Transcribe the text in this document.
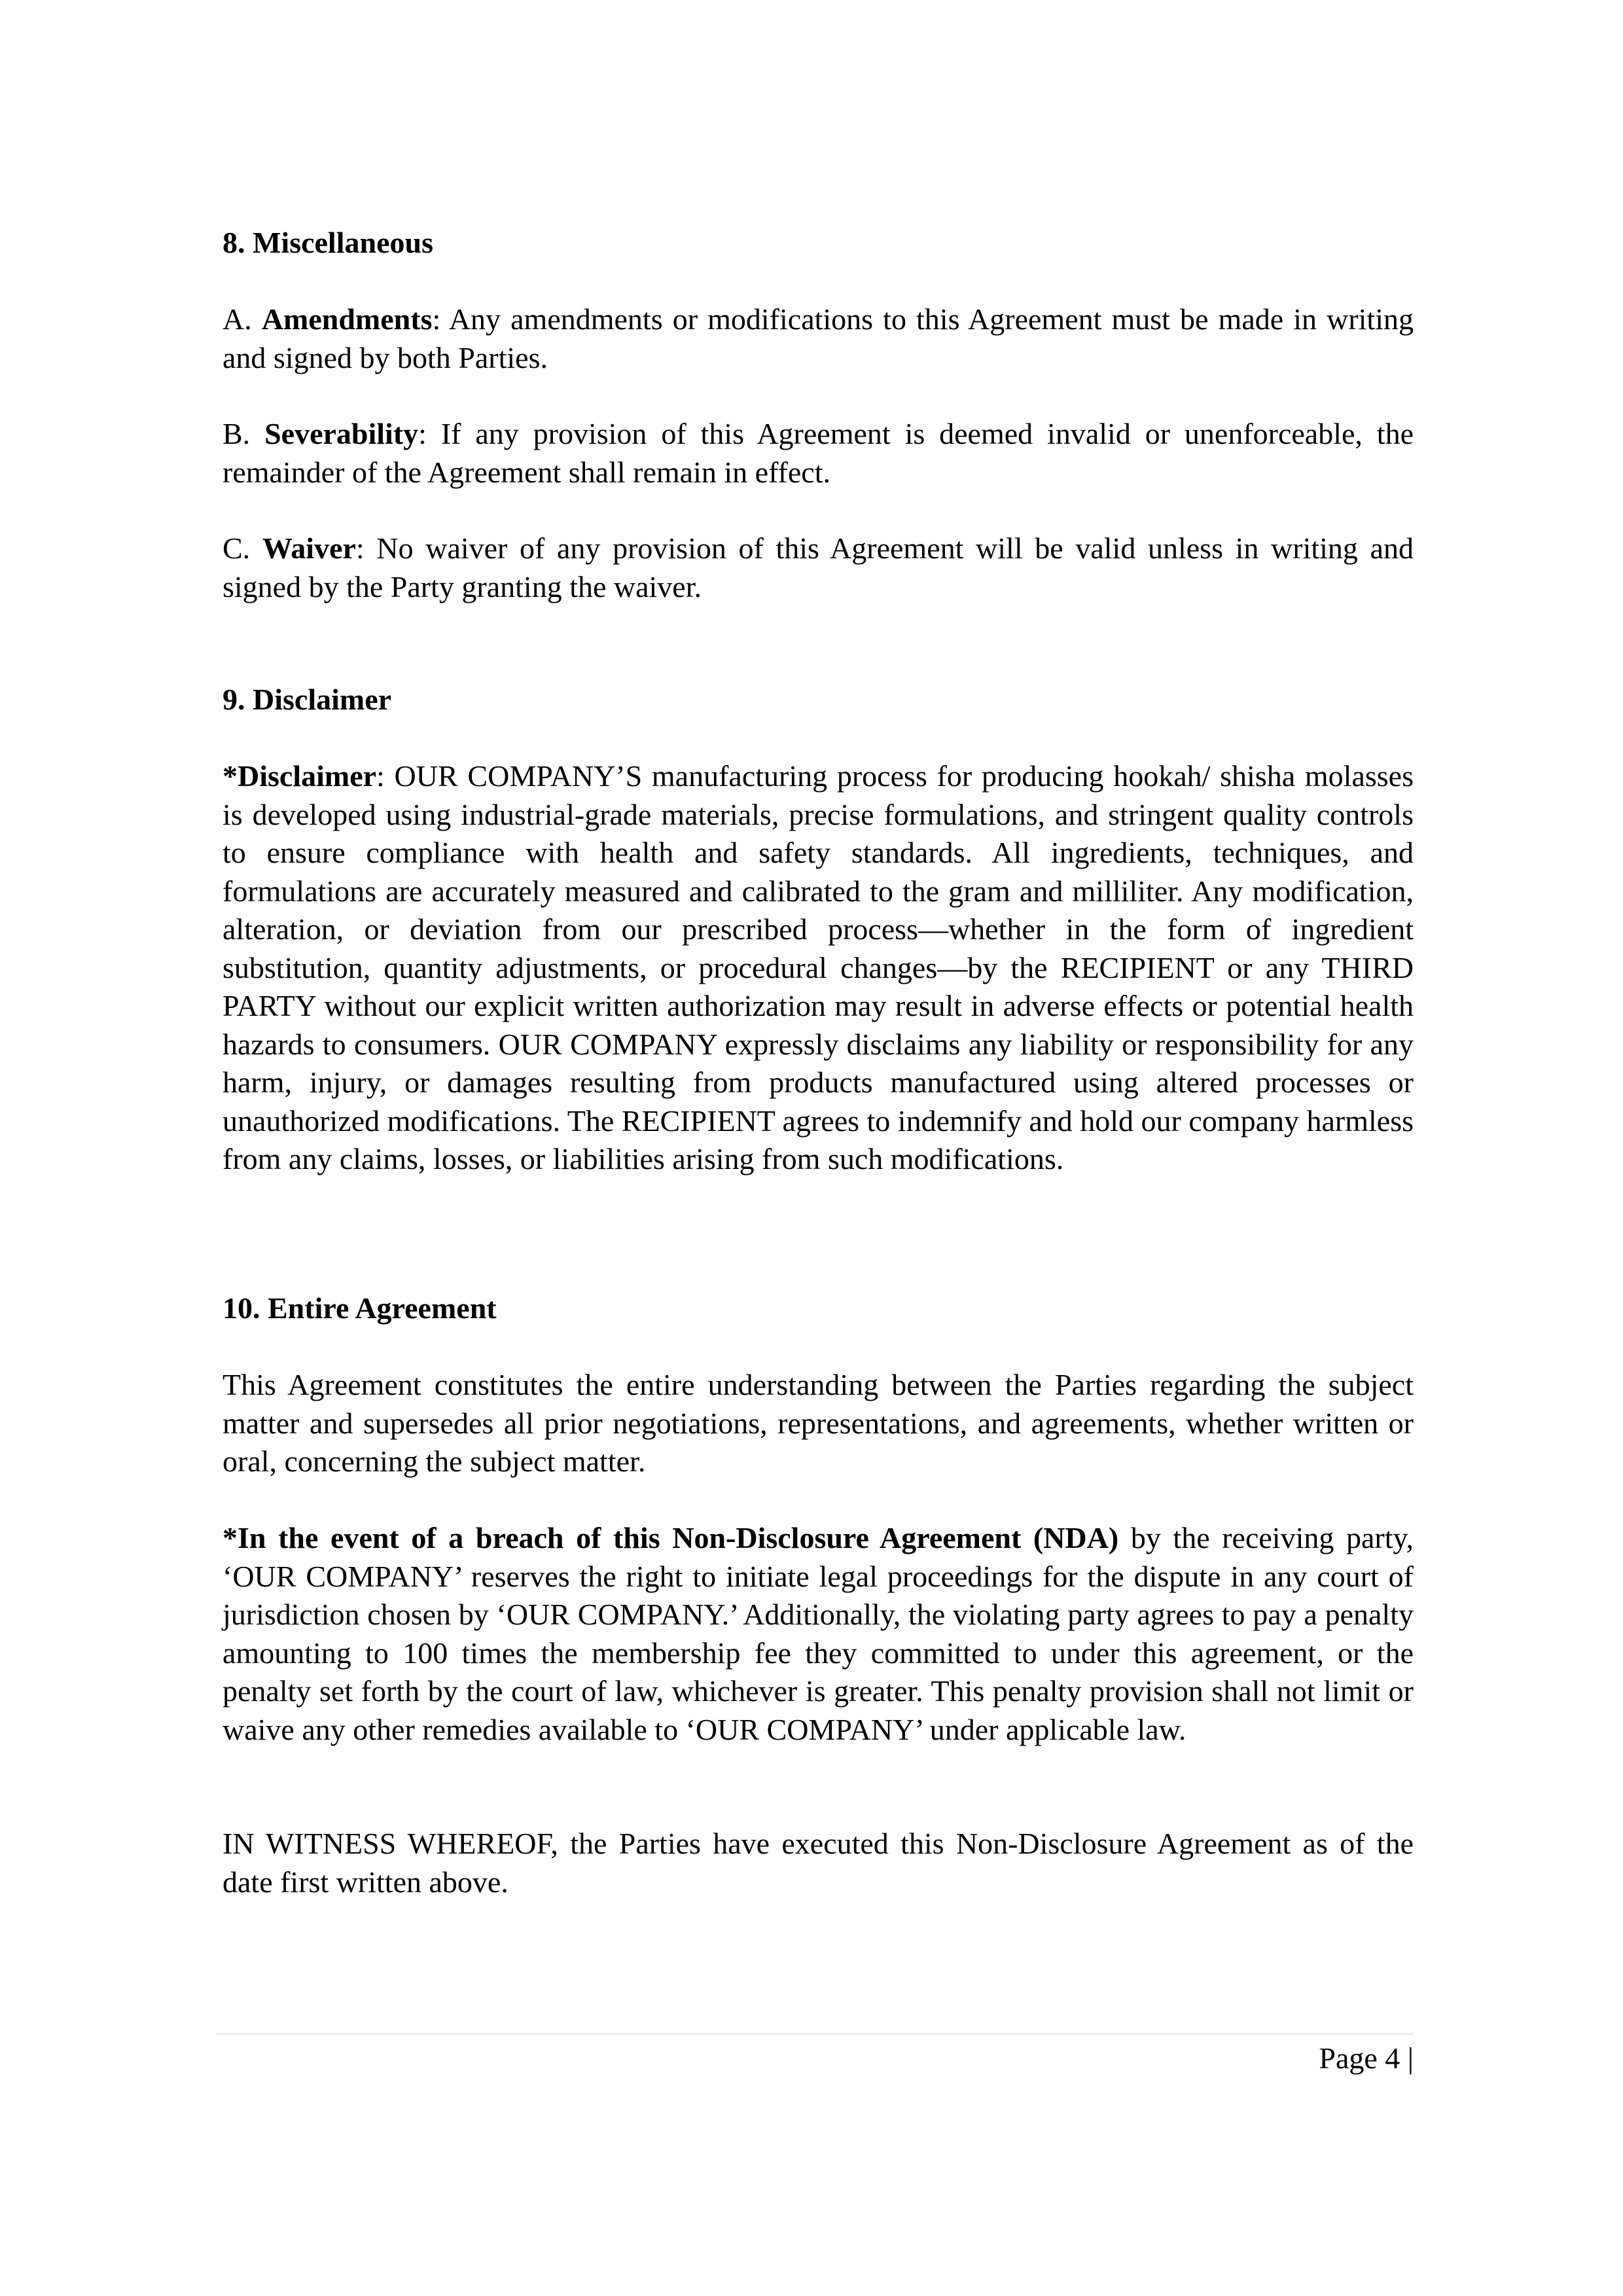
8. Miscellaneous

A. Amendments: Any amendments or modifications to this Agreement must be made in writing and signed by both Parties.

B. Severability: If any provision of this Agreement is deemed invalid or unenforceable, the remainder of the Agreement shall remain in effect.

C. Waiver: No waiver of any provision of this Agreement will be valid unless in writing and signed by the Party granting the waiver.

9. Disclaimer

*Disclaimer: OUR COMPANY’S manufacturing process for producing hookah/ shisha molasses is developed using industrial-grade materials, precise formulations, and stringent quality controls to ensure compliance with health and safety standards. All ingredients, techniques, and formulations are accurately measured and calibrated to the gram and milliliter. Any modification, alteration, or deviation from our prescribed process—whether in the form of ingredient substitution, quantity adjustments, or procedural changes—by the RECIPIENT or any THIRD PARTY without our explicit written authorization may result in adverse effects or potential health hazards to consumers. OUR COMPANY expressly disclaims any liability or responsibility for any harm, injury, or damages resulting from products manufactured using altered processes or unauthorized modifications. The RECIPIENT agrees to indemnify and hold our company harmless from any claims, losses, or liabilities arising from such modifications.

10. Entire Agreement

This Agreement constitutes the entire understanding between the Parties regarding the subject matter and supersedes all prior negotiations, representations, and agreements, whether written or oral, concerning the subject matter.

*In the event of a breach of this Non-Disclosure Agreement (NDA) by the receiving party, ‘OUR COMPANY’ reserves the right to initiate legal proceedings for the dispute in any court of jurisdiction chosen by ‘OUR COMPANY.’ Additionally, the violating party agrees to pay a penalty amounting to 100 times the membership fee they committed to under this agreement, or the penalty set forth by the court of law, whichever is greater. This penalty provision shall not limit or waive any other remedies available to ‘OUR COMPANY’ under applicable law.

IN WITNESS WHEREOF, the Parties have executed this Non-Disclosure Agreement as of the date first written above.

Page 4 |
